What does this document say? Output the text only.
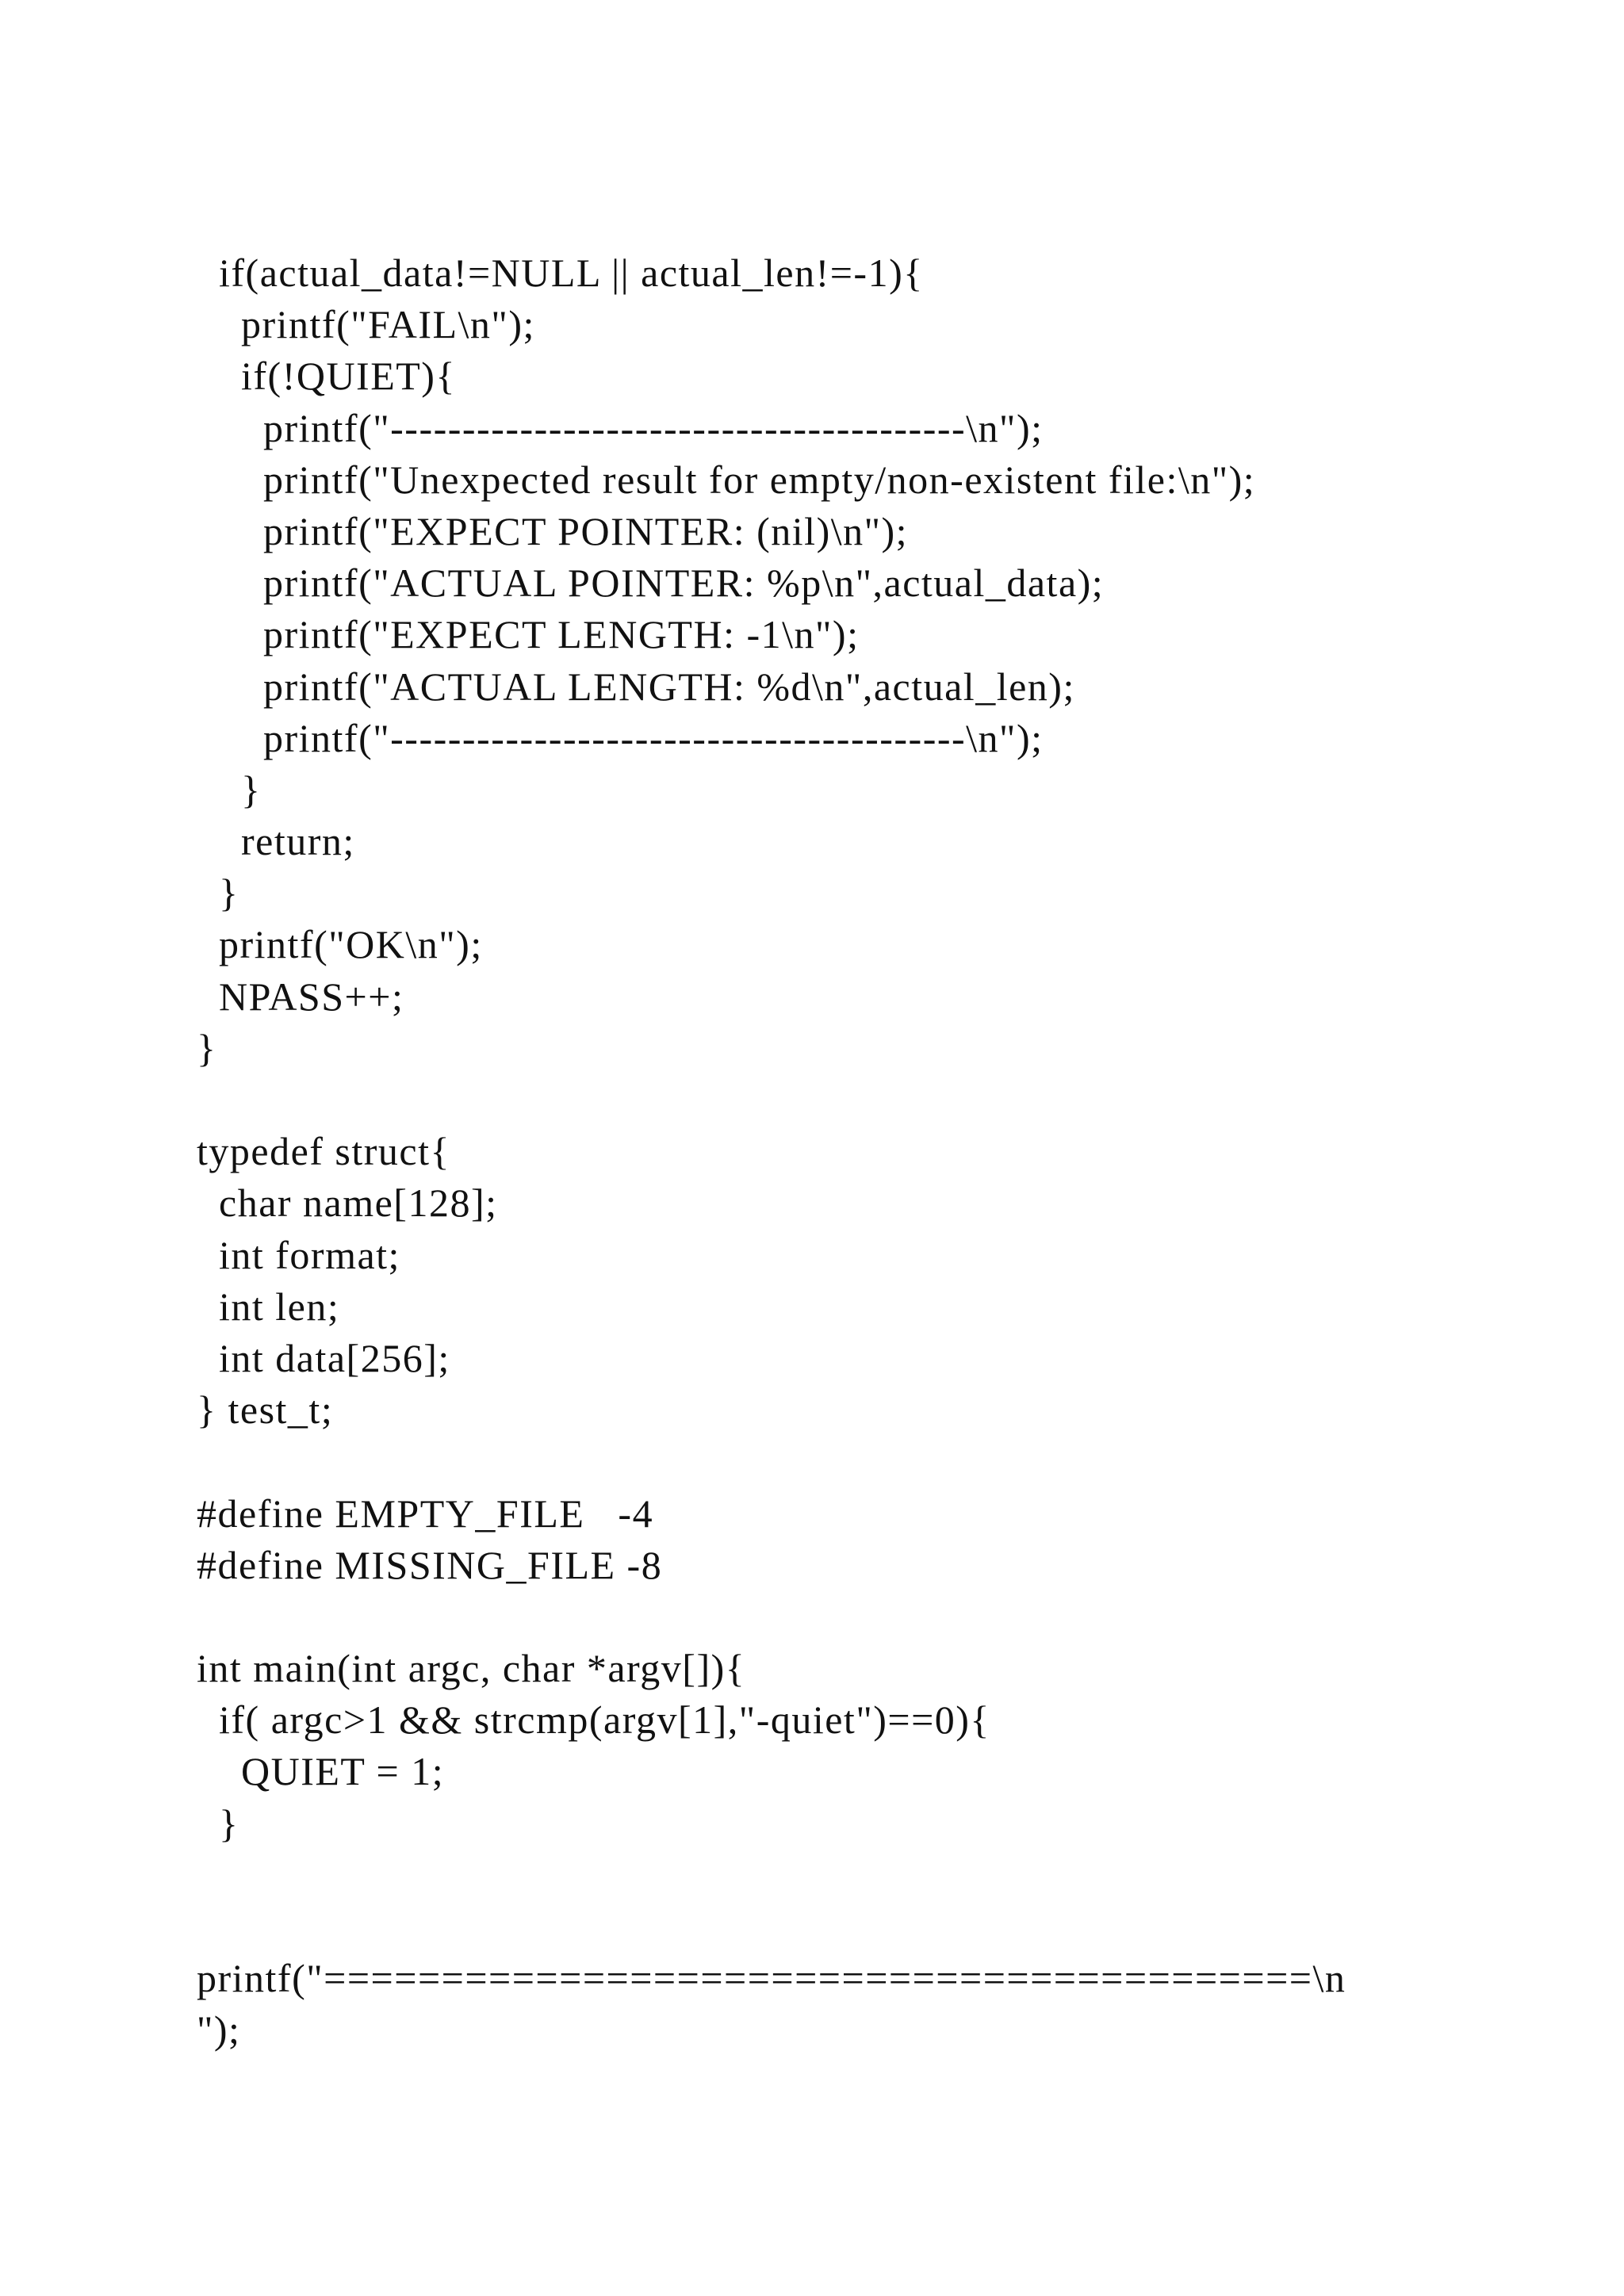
if(actual_data!=NULL || actual_len!=-1){
printf("FAIL\n");
if(!QUIET){
printf("----------------------------------------\n");
printf("Unexpected result for empty/non-existent file:\n");
printf("EXPECT POINTER: (nil)\n");
printf("ACTUAL POINTER: %p\n",actual_data);
printf("EXPECT LENGTH: -1\n");
printf("ACTUAL LENGTH: %d\n",actual_len);
printf("----------------------------------------\n");
}
return;
}
printf("OK\n");
NPASS++;
}
typedef struct{
char name[128];
int format;
int len;
int data[256];
} test_t;
#define EMPTY_FILE   -4
#define MISSING_FILE -8
int main(int argc, char *argv[]){
if( argc>1 && strcmp(argv[1],"-quiet")==0){
QUIET = 1;
}
printf("==========================================\n
");
